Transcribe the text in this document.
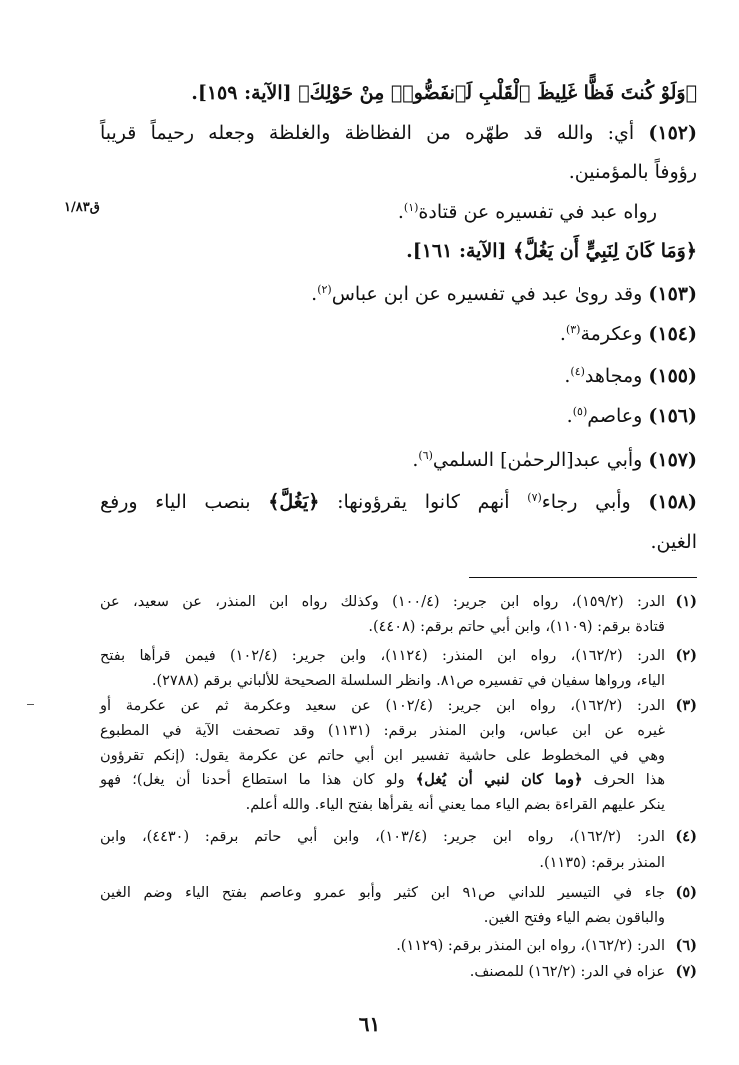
﴿وَلَوْ كُنتَ فَظًّا غَلِيظَ ٱلْقَلْبِ لَٱنفَضُّوا۟ مِنْ حَوْلِكَ﴾ [الآية: ١٥٩].
(١٥٢) أي: والله قد طهّره من الفظاظة والغلظة وجعله رحيماً قريباً
رؤوفاً بالمؤمنين.
رواه عبد في تفسيره عن قتادة$^{(١)}$.
ق١/٨٣
﴿وَمَا كَانَ لِنَبِيٍّ أَن يَغُلَّ﴾ [الآية: ١٦١].
(١٥٣) وقد روىٰ عبد في تفسيره عن ابن عباس$^{(٢)}$.
(١٥٤) وعكرمة$^{(٣)}$.
(١٥٥) ومجاهد$^{(٤)}$.
(١٥٦) وعاصم$^{(٥)}$.
(١٥٧) وأبي عبد[الرحمٰن] السلمي$^{(٦)}$.
(١٥٨) وأبي رجاء$^{(٧)}$ أنهم كانوا يقرؤونها: ﴿يَغُلَّ﴾ بنصب الياء ورفع
الغين.
(١)الدر: (١٥٩/٢)، رواه ابن جرير: (١٠٠/٤) وكذلك رواه ابن المنذر، عن سعيد، عن
قتادة برقم: (١١٠٩)، وابن أبي حاتم برقم: (٤٤٠٨).
(٢)الدر: (١٦٢/٢)، رواه ابن المنذر: (١١٢٤)، وابن جرير: (١٠٢/٤) فيمن قرأها بفتح
الياء، ورواها سفيان في تفسيره ص٨١. وانظر السلسلة الصحيحة للألباني برقم (٢٧٨٨).
(٣)الدر: (١٦٢/٢)، رواه ابن جرير: (١٠٢/٤) عن سعيد وعكرمة ثم عن عكرمة أو
غيره عن ابن عباس، وابن المنذر برقم: (١١٣١) وقد تصحفت الآية في المطبوع
وهي في المخطوط على حاشية تفسير ابن أبي حاتم عن عكرمة يقول: (إنكم تقرؤون
هذا الحرف ﴿وما كان لنبي أن يُغل﴾ ولو كان هذا ما استطاع أحدنا أن يغل)؛ فهو
ينكر عليهم القراءة بضم الياء مما يعني أنه يقرأها بفتح الياء. والله أعلم.
(٤)الدر: (١٦٢/٢)، رواه ابن جرير: (١٠٣/٤)، وابن أبي حاتم برقم: (٤٤٣٠)، وابن
المنذر برقم: (١١٣٥).
(٥)جاء في التيسير للداني ص٩١ ابن كثير وأبو عمرو وعاصم بفتح الياء وضم الغين
والباقون بضم الياء وفتح الغين.
(٦)الدر: (١٦٢/٢)، رواه ابن المنذر برقم: (١١٢٩).
(٧)عزاه في الدر: (١٦٢/٢) للمصنف.
٦١
